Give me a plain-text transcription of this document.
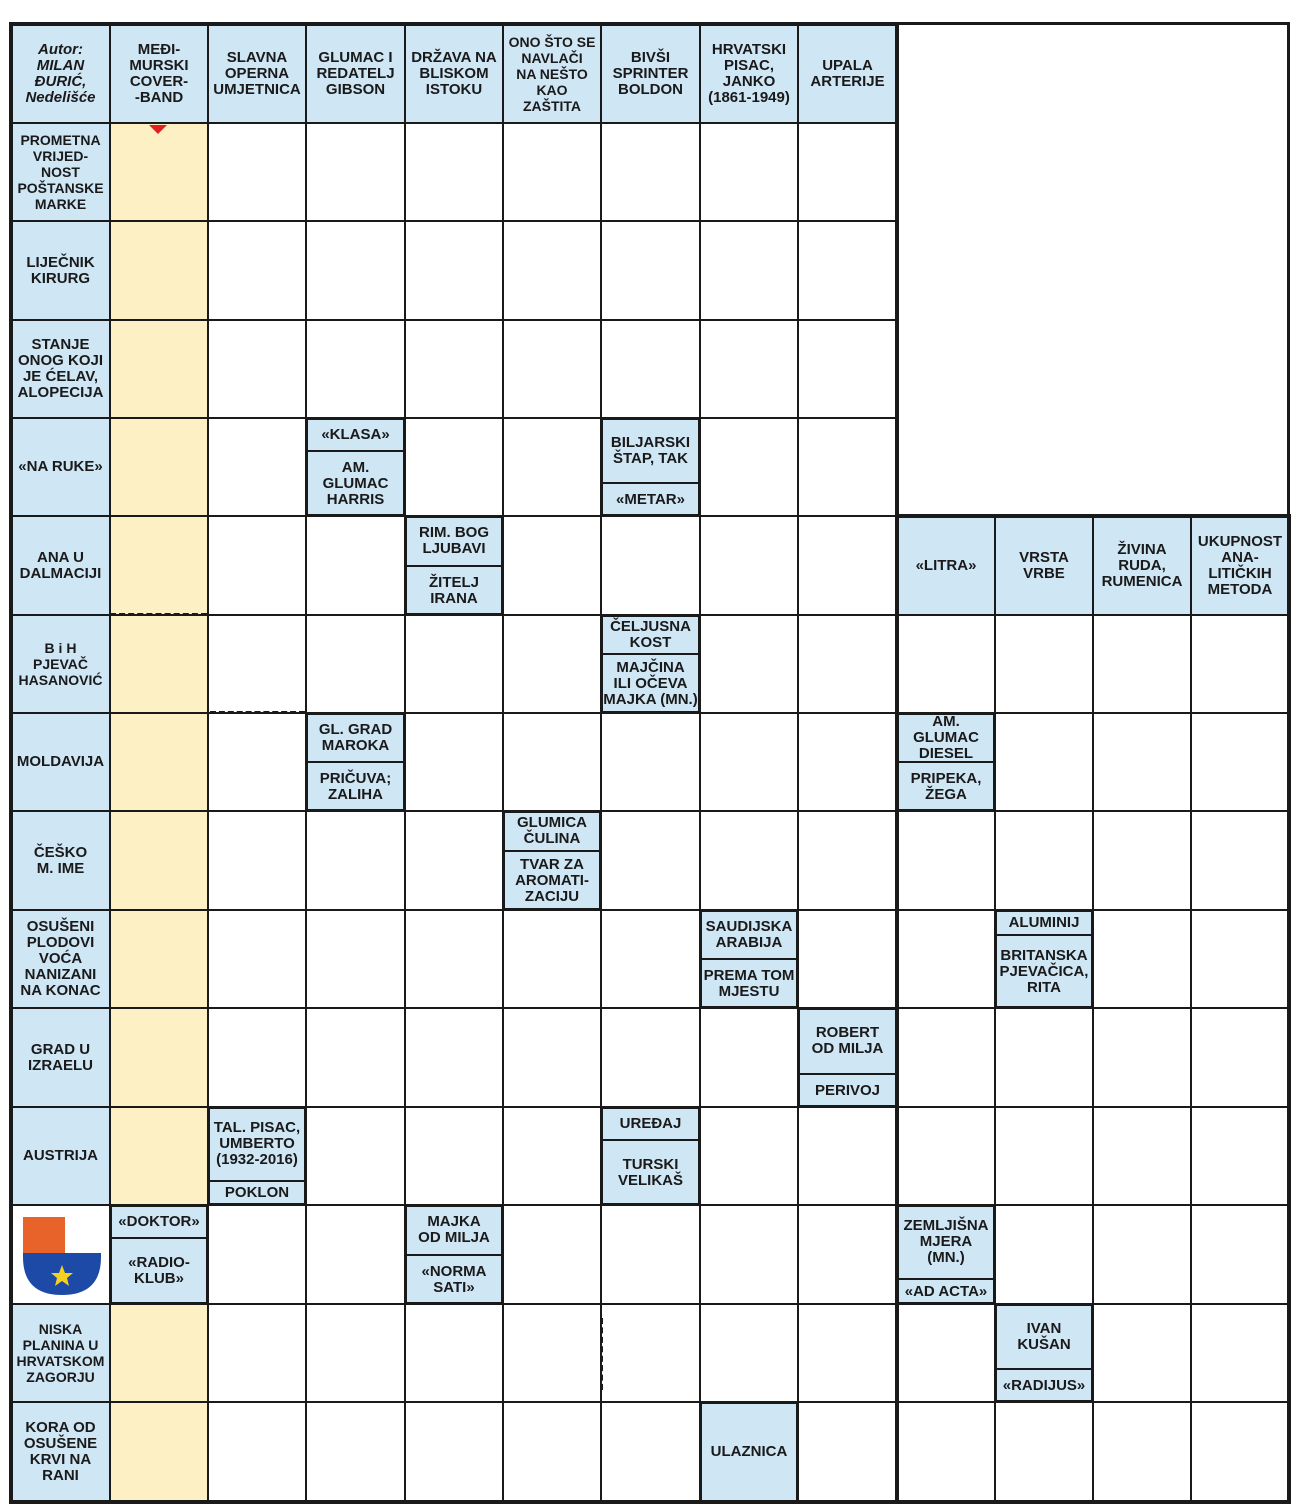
Autor:
MILAN
ĐURIĆ,
Nedelišće
MEĐI-
MURSKI
COVER-
-BAND
SLAVNA
OPERNA
UMJETNICA
GLUMAC I
REDATELJ
GIBSON
DRŽAVA NA
BLISKOM
ISTOKU
ONO ŠTO SE
NAVLAČI
NA NEŠTO
KAO
ZAŠTITA
BIVŠI
SPRINTER
BOLDON
HRVATSKI
PISAC,
JANKO
(1861-1949)
UPALA
ARTERIJE
PROMETNA
VRIJED-
NOST
POŠTANSKE
MARKE
LIJEČNIK
KIRURG
STANJE
ONOG KOJI
JE ĆELAV,
ALOPECIJA
«NA RUKE»
ANA U
DALMACIJI
B i H
PJEVAČ
HASANOVIĆ
MOLDAVIJA
ČEŠKO
M. IME
OSUŠENI
PLODOVI
VOĆA
NANIZANI
NA KONAC
GRAD U
IZRAELU
AUSTRIJA
NISKA
PLANINA U
HRVATSKOM
ZAGORJU
KORA OD
OSUŠENE
KRVI NA
RANI
«LITRA»	VRSTA
VRBE
ŽIVINA
RUDA,
RUMENICA
UKUPNOST
ANA-
LITIČKIH
METODA
«KLASA»
AM. GLUMAC
HARRIS
BILJARSKI
ŠTAP, TAK
«METAR»
RIM. BOG
LJUBAVI
ŽITELJ
IRANA
ČELJUSNA
KOST
MAJČINA
ILI OČEVA
MAJKA (MN.)
GL. GRAD
MAROKA
PRIČUVA;
ZALIHA
AM. GLUMAC
DIESEL
PRIPEKA,
ŽEGA
GLUMICA
ČULINA
TVAR ZA
AROMATI-
ZACIJU
SAUDIJSKA
ARABIJA
PREMA TOM
MJESTU
ALUMINIJ
BRITANSKA
PJEVAČICA,
RITA
ROBERT
OD MILJA
PERIVOJ
TAL. PISAC,
UMBERTO
(1932-2016)
POKLON
UREĐAJ
TURSKI
VELIKAŠ
«DOKTOR»
«RADIO-
KLUB»
MAJKA
OD MILJA
«NORMA
SATI»
ZEMLJIŠNA
MJERA
(MN.)
«AD ACTA»
IVAN
KUŠAN
«RADIJUS»
ULAZNICA
